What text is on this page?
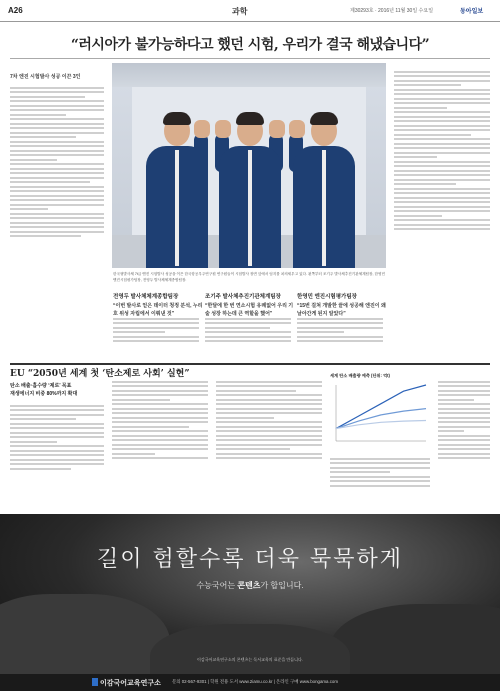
A26	과학	제30293호 · 2016년 11월 30일 수요일	동아일보
“러시아가 불가능하다고 했던 시험, 우리가 결국 해냈습니다”
7차 엔진 시험발사 성공 이끈 3인
한국형발사체 7t급 엔진 시험발사 성공을 이끈 한국항공우주연구원 연구원들이 시험발사 장면 앞에서 엄지를 치켜세우고 있다. 왼쪽부터 조기주 발사체추진기관체계팀장, 한영민 엔진시험평가팀장, 전영두 발사체체계종합팀장.
전영두 발사체체계종합팀장
“이번 발사로 얻은 데이터 청정 분석, 누리호 위성 자립에서 이뤄낸 것”
조기주 발사체추진기관체계팀장
“한달에 한 번 연소시험 유례없어 우리 기술 성장 하는데 큰 역할을 했어”
한영민 엔진시험평가팀장
“15번 걸쳐 개발한 끝에 성공해 엔진이 왜 날아간게 된지 알았다”
EU “2050년 세계 첫 ‘탄소제로 사회’ 실현”
탄소 배출·흡수량 ‘제로’ 목표
재생에너지 비중 80%까지 확대
세계 탄소 배출량 예측 (단위: 억t)
길이 험할수록 더욱 묵묵하게
수능국어는 콘텐츠가 합입니다.
이감국어교육연구소의 콘텐츠는 독서교육의 표준을 만듭니다.
이감국어교육연구소	문의 02-567-9301 | 학원 전용 도서 www.2iamu.co.kr | 온라인 구매 www.bongama.com
